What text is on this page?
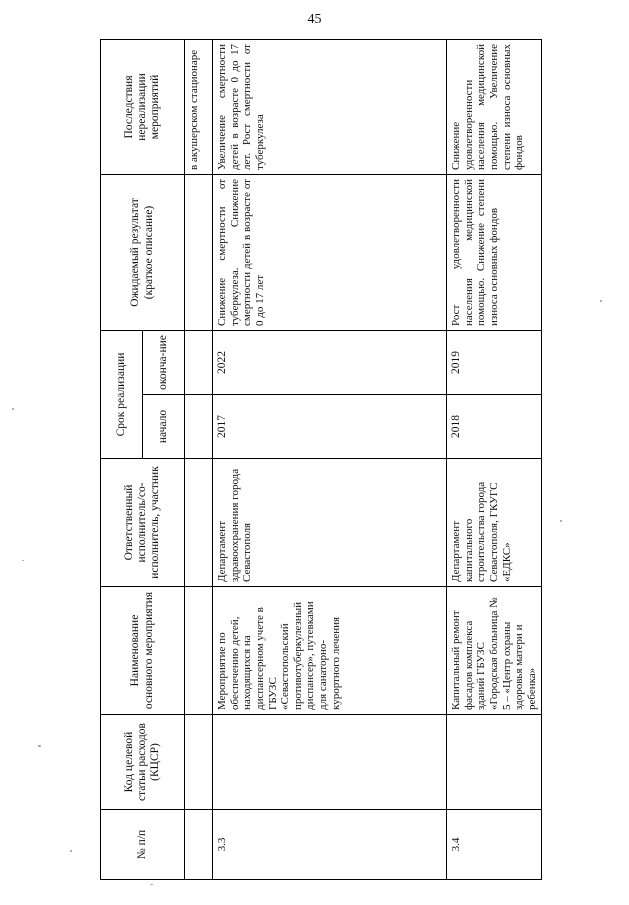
45
№ п/п	Код целевой статьи расходов (КЦСР)	Наименование основного мероприятия	Ответственный исполнитель/со-исполнитель, участник	Срок реализации		Ожидаемый результат (краткое описание)	Последствия нереализации мероприятий
				начало	оконча-ние		
							в акушерском стационаре
3.3		Мероприятие по обеспечению детей, находящихся на диспансерном учете в ГБУЗС «Севастопольский противотуберкулезный диспансер», путевками для санаторно-курортного лечения	Департамент здравоохранения города Севастополя	2017	2022	Снижение смертности от туберкулеза. Снижение смертности детей в возрасте от 0 до 17 лет	Увеличение смертности детей в возрасте 0 до 17 лет. Рост смертности от туберкулеза
3.4		Капитальный ремонт фасадов комплекса зданий ГБУЗС «Городская больница № 5 – «Центр охраны здоровья матери и ребенка»	Департамент капитального строительства города Севастополя, ГКУГС «ЕДКС»	2018	2019	Рост удовлетворенности населения медицинской помощью. Снижение степени износа основных фондов	Снижение удовлетворенности населения медицинской помощью. Увеличение степени износа основных фондов
